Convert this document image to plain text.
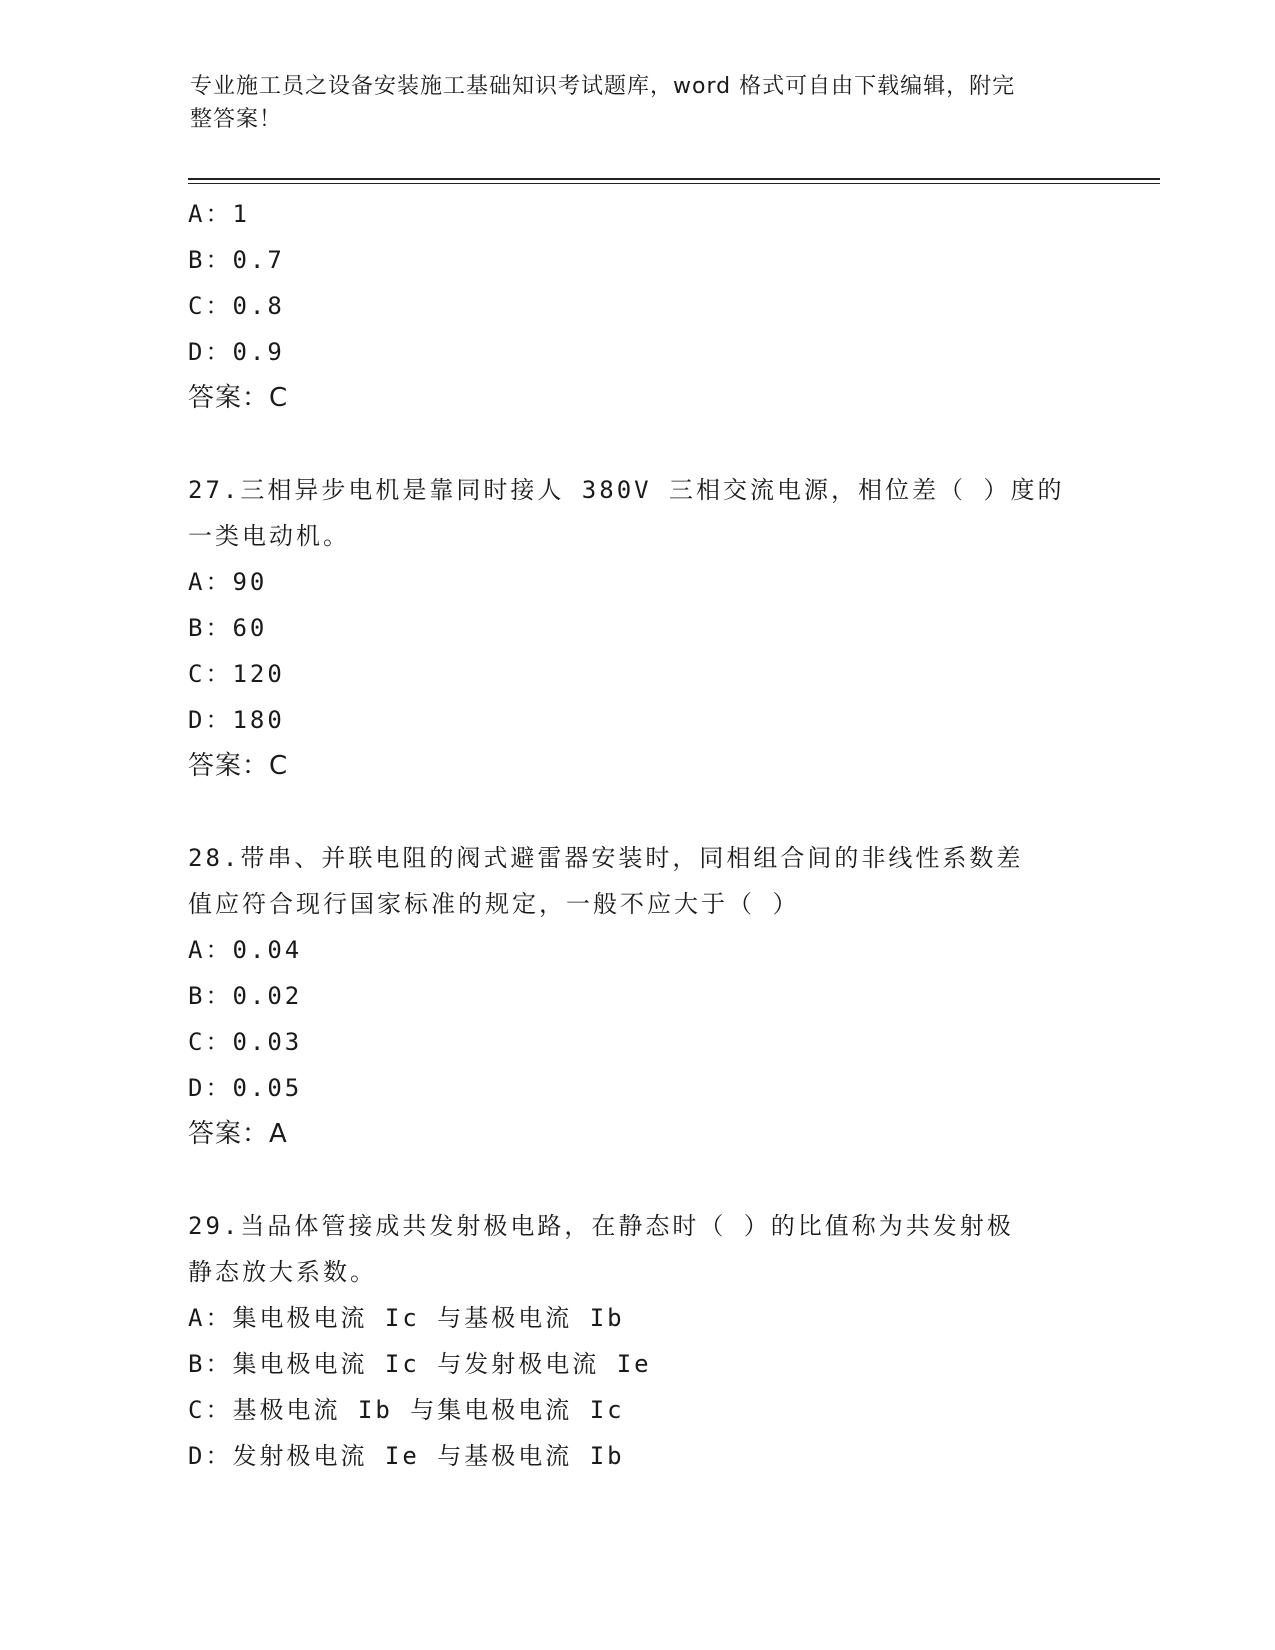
专业施工员之设备安装施工基础知识考试题库，word 格式可自由下载编辑，附完
整答案！
A：1
B：0.7
C：0.8
D：0.9
答案：C
27.三相异步电机是靠同时接人 380V 三相交流电源，相位差（ ）度的
一类电动机。
A：90
B：60
C：120
D：180
答案：C
28.带串、并联电阻的阀式避雷器安装时，同相组合间的非线性系数差
值应符合现行国家标准的规定，一般不应大于（ ）
A：0.04
B：0.02
C：0.03
D：0.05
答案：A
29.当品体管接成共发射极电路，在静态时（ ）的比值称为共发射极
静态放大系数。
A：集电极电流 Ic 与基极电流 Ib
B：集电极电流 Ic 与发射极电流 Ie
C：基极电流 Ib 与集电极电流 Ic
D：发射极电流 Ie 与基极电流 Ib
